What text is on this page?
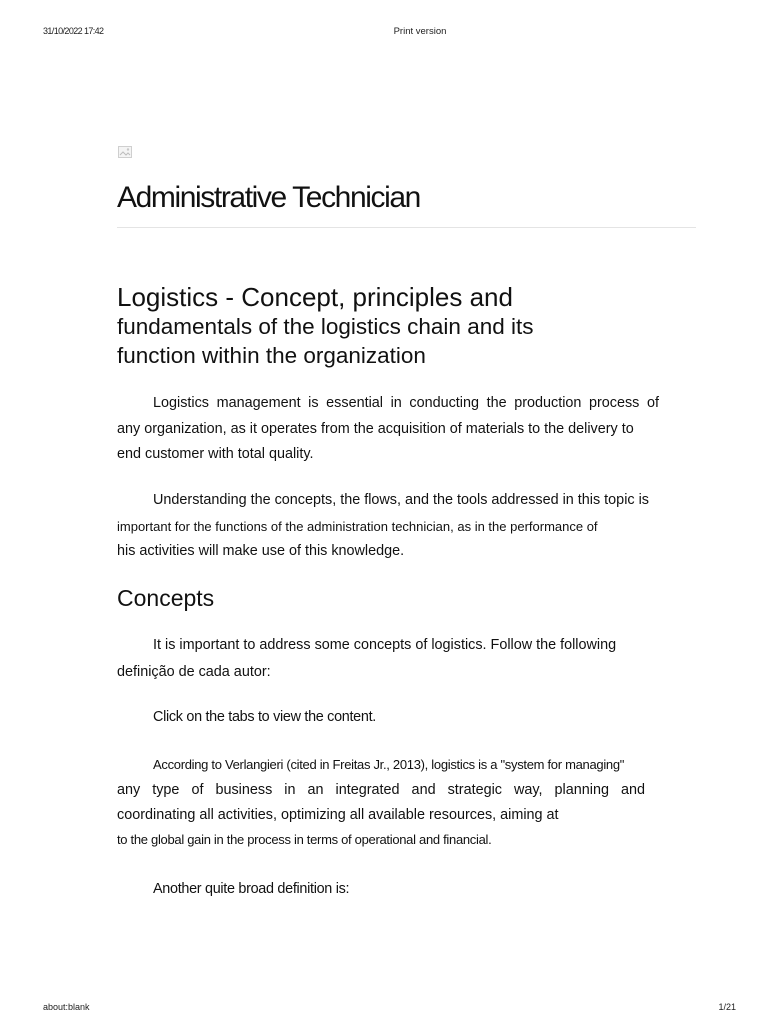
31/10/2022 17:42	Print version
Administrative Technician
Logistics - Concept, principles and
fundamentals of the logistics chain and its
function within the organization

Logistics management is essential in conducting the production process of
any organization, as it operates from the acquisition of materials to the delivery to
end customer with total quality.

Understanding the concepts, the flows, and the tools addressed in this topic is
important for the functions of the administration technician, as in the performance of
his activities will make use of this knowledge.

Concepts

It is important to address some concepts of logistics. Follow the following
definição de cada autor:

Click on the tabs to view the content.

According to Verlangieri (cited in Freitas Jr., 2013), logistics is a "system for managing"
any type of business in an integrated and strategic way, planning and
coordinating all activities, optimizing all available resources, aiming at
to the global gain in the process in terms of operational and financial.

Another quite broad definition is:

about:blank	1/21
